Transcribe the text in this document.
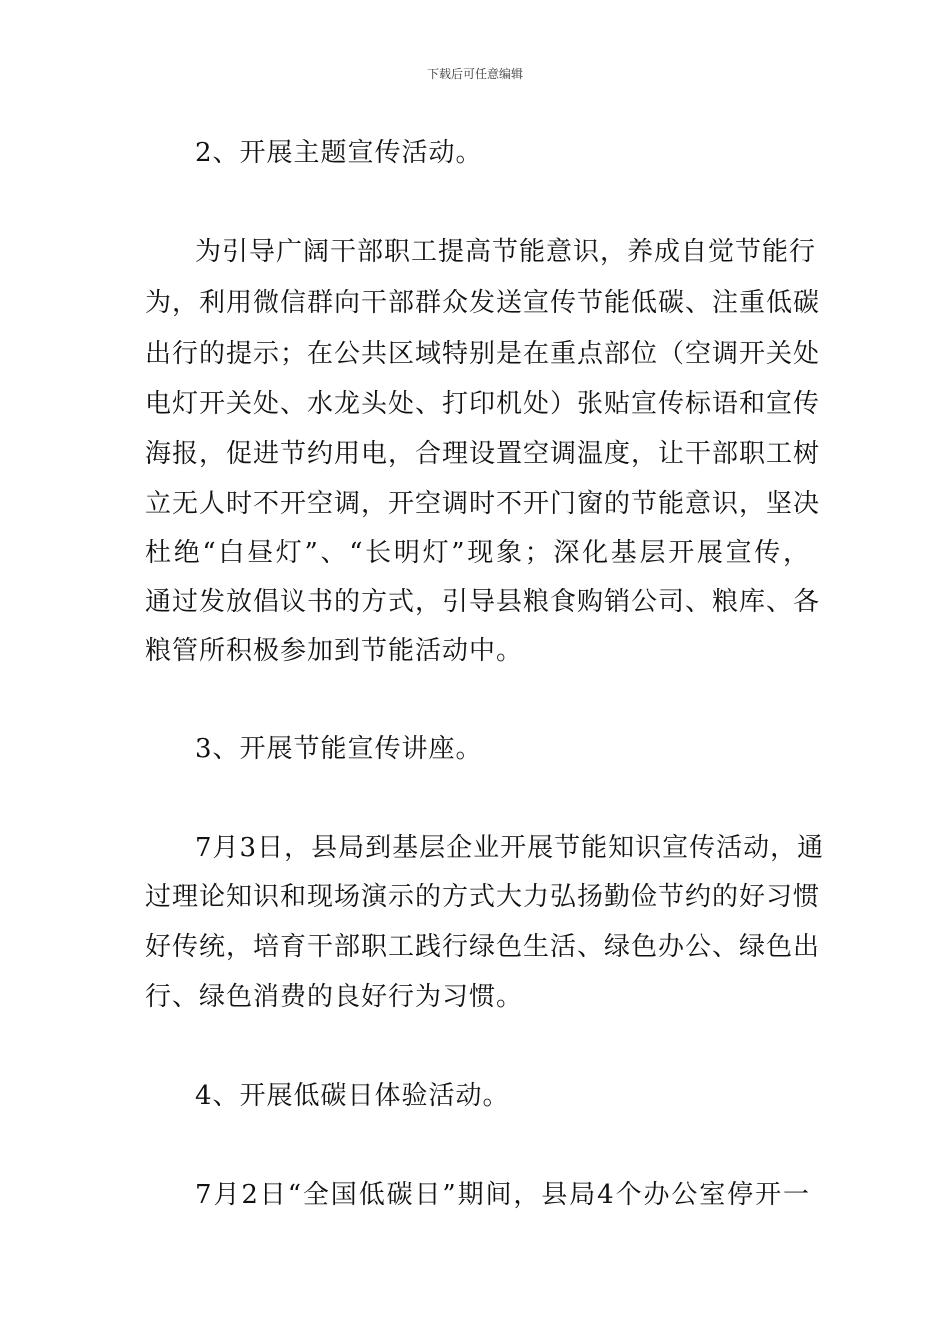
下载后可任意编辑
2、开展主题宣传活动。
为引导广阔干部职工提高节能意识，养成自觉节能行
为，利用微信群向干部群众发送宣传节能低碳、注重低碳
出行的提示；在公共区域特别是在重点部位（空调开关处
电灯开关处、水龙头处、打印机处）张贴宣传标语和宣传
海报，促进节约用电，合理设置空调温度，让干部职工树
立无人时不开空调，开空调时不开门窗的节能意识，坚决
杜绝“白昼灯”、“长明灯”现象；深化基层开展宣传，
通过发放倡议书的方式，引导县粮食购销公司、粮库、各
粮管所积极参加到节能活动中。
3、开展节能宣传讲座。
7月3日，县局到基层企业开展节能知识宣传活动，通
过理论知识和现场演示的方式大力弘扬勤俭节约的好习惯
好传统，培育干部职工践行绿色生活、绿色办公、绿色出
行、绿色消费的良好行为习惯。
4、开展低碳日体验活动。
7月2日“全国低碳日”期间，县局4个办公室停开一
